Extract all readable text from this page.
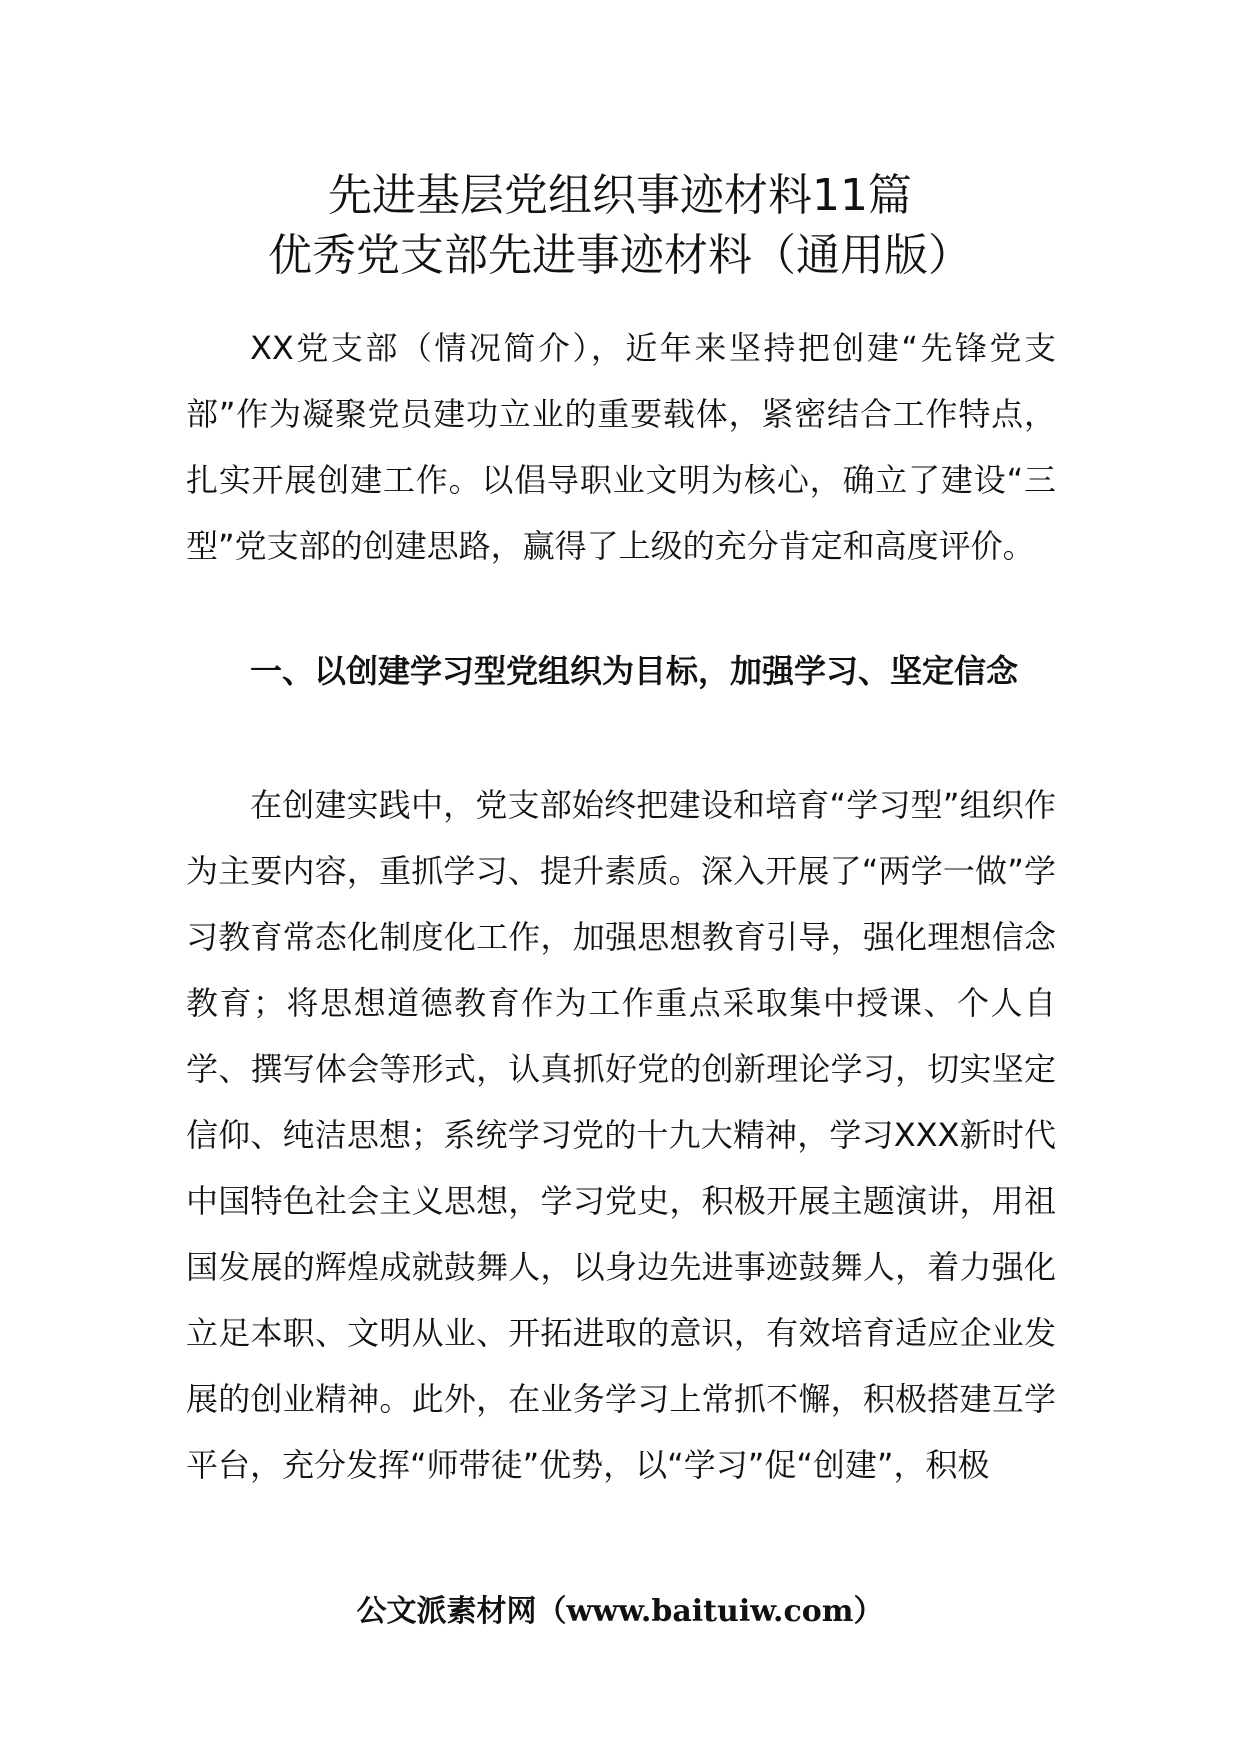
先进基层党组织事迹材料11篇
优秀党支部先进事迹材料（通用版）

XX党支部（情况简介），近年来坚持把创建“先锋党支部”作为凝聚党员建功立业的重要载体，紧密结合工作特点，扎实开展创建工作。以倡导职业文明为核心，确立了建设“三型”党支部的创建思路，赢得了上级的充分肯定和高度评价。

一、以创建学习型党组织为目标，加强学习、坚定信念

在创建实践中，党支部始终把建设和培育“学习型”组织作为主要内容，重抓学习、提升素质。深入开展了“两学一做”学习教育常态化制度化工作，加强思想教育引导，强化理想信念教育；将思想道德教育作为工作重点采取集中授课、个人自学、撰写体会等形式，认真抓好党的创新理论学习，切实坚定信仰、纯洁思想；系统学习党的十九大精神，学习XXX新时代中国特色社会主义思想，学习党史，积极开展主题演讲，用祖国发展的辉煌成就鼓舞人，以身边先进事迹鼓舞人，着力强化立足本职、文明从业、开拓进取的意识，有效培育适应企业发展的创业精神。此外，在业务学习上常抓不懈，积极搭建互学平台，充分发挥“师带徒”优势，以“学习”促“创建”，积极

公文派素材网（www.baituiw.com）
